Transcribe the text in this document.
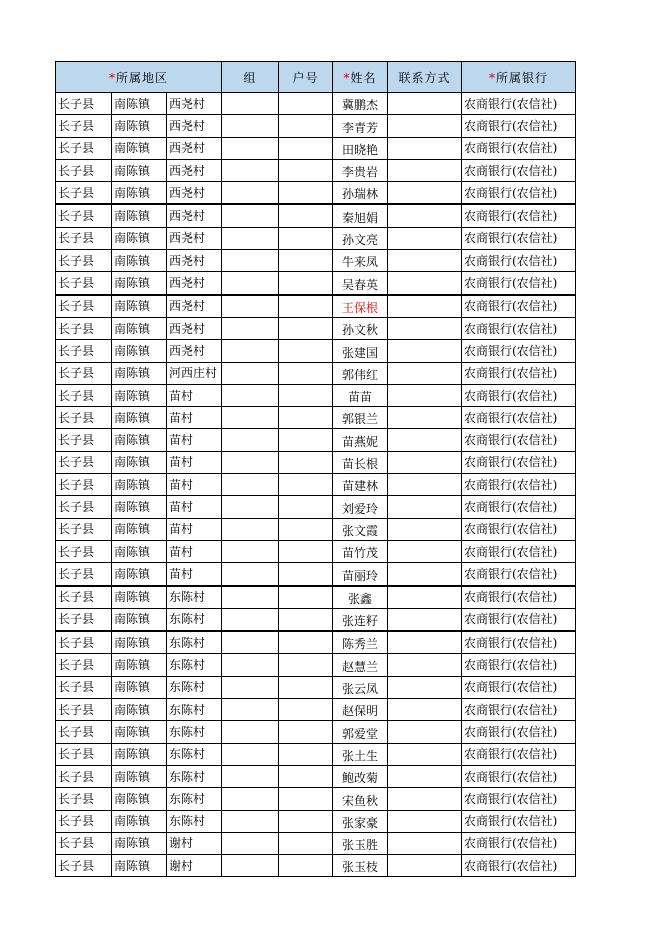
*所属地区			组	户号	*姓名	联系方式	*所属银行
长子县	南陈镇	西尧村			冀鹏杰		农商银行(农信社)
长子县	南陈镇	西尧村			李青芳		农商银行(农信社)
长子县	南陈镇	西尧村			田晓艳		农商银行(农信社)
长子县	南陈镇	西尧村			李贵岩		农商银行(农信社)
长子县	南陈镇	西尧村			孙瑞林		农商银行(农信社)
长子县	南陈镇	西尧村			秦旭娟		农商银行(农信社)
长子县	南陈镇	西尧村			孙文亮		农商银行(农信社)
长子县	南陈镇	西尧村			牛来凤		农商银行(农信社)
长子县	南陈镇	西尧村			吴春英		农商银行(农信社)
长子县	南陈镇	西尧村			王保根		农商银行(农信社)
长子县	南陈镇	西尧村			孙文秋		农商银行(农信社)
长子县	南陈镇	西尧村			张建国		农商银行(农信社)
长子县	南陈镇	河西庄村			郭伟红		农商银行(农信社)
长子县	南陈镇	苗村			苗苗		农商银行(农信社)
长子县	南陈镇	苗村			郭银兰		农商银行(农信社)
长子县	南陈镇	苗村			苗燕妮		农商银行(农信社)
长子县	南陈镇	苗村			苗长根		农商银行(农信社)
长子县	南陈镇	苗村			苗建林		农商银行(农信社)
长子县	南陈镇	苗村			刘爱玲		农商银行(农信社)
长子县	南陈镇	苗村			张文霞		农商银行(农信社)
长子县	南陈镇	苗村			苗竹茂		农商银行(农信社)
长子县	南陈镇	苗村			苗丽玲		农商银行(农信社)
长子县	南陈镇	东陈村			张鑫		农商银行(农信社)
长子县	南陈镇	东陈村			张连籽		农商银行(农信社)
长子县	南陈镇	东陈村			陈秀兰		农商银行(农信社)
长子县	南陈镇	东陈村			赵慧兰		农商银行(农信社)
长子县	南陈镇	东陈村			张云凤		农商银行(农信社)
长子县	南陈镇	东陈村			赵保明		农商银行(农信社)
长子县	南陈镇	东陈村			郭爱堂		农商银行(农信社)
长子县	南陈镇	东陈村			张土生		农商银行(农信社)
长子县	南陈镇	东陈村			鲍改菊		农商银行(农信社)
长子县	南陈镇	东陈村			宋鱼秋		农商银行(农信社)
长子县	南陈镇	东陈村			张家豪		农商银行(农信社)
长子县	南陈镇	谢村			张玉胜		农商银行(农信社)
长子县	南陈镇	谢村			张玉枝		农商银行(农信社)
